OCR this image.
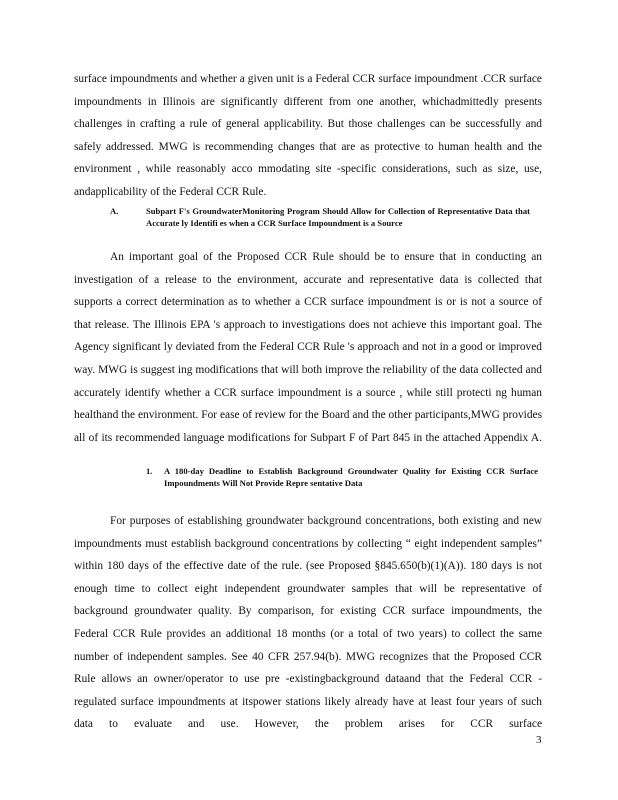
surface impoundments and whether a given unit is a Federal CCR surface impoundment .CCR surface impoundments in Illinois are significantly different from one another, whichadmittedly presents challenges in crafting a rule of general applicability. But those challenges can be successfully and safely addressed. MWG is recommending changes that are as protective to human health and the environment , while reasonably acco mmodating site -specific considerations, such as size, use, andapplicability of the Federal CCR Rule.

A.	Subpart F's GroundwaterMonitoring Program Should Allow for Collection of Representative Data that Accurate ly Identifi es when a CCR Surface Impoundment is a Source

An important goal of the Proposed CCR Rule should be to ensure that in conducting an investigation of a release to the environment, accurate and representative data is collected that supports a correct determination as to whether a CCR surface impoundment is or is not a source of that release. The Illinois EPA 's approach to investigations does not achieve this important goal. The Agency significant ly deviated from the Federal CCR Rule 's approach and not in a good or improved way. MWG is suggest ing modifications that will both improve the reliability of the data collected and accurately identify whether a CCR surface impoundment is a source , while still protecti ng human healthand the environment. For ease of review for the Board and the other participants,MWG provides all of its recommended language modifications for Subpart F of Part 845 in the attached Appendix A.

1. A 180-day Deadline to Establish Background Groundwater Quality for Existing CCR Surface Impoundments Will Not Provide Repre sentative Data

For purposes of establishing groundwater background concentrations, both existing and new impoundments must establish background concentrations by collecting “ eight independent samples” within 180 days of the effective date of the rule. (see Proposed §845.650(b)(1)(A)). 180 days is not enough time to collect eight independent groundwater samples that will be representative of background groundwater quality. By comparison, for existing CCR surface impoundments, the Federal CCR Rule provides an additional 18 months (or a total of two years) to collect the same number of independent samples. See 40 CFR 257.94(b). MWG recognizes that the Proposed CCR Rule allows an owner/operator to use pre -existingbackground dataand that the Federal CCR -regulated surface impoundments at itspower stations likely already have at least four years of such data to evaluate and use. However, the problem arises for CCR surface

3
